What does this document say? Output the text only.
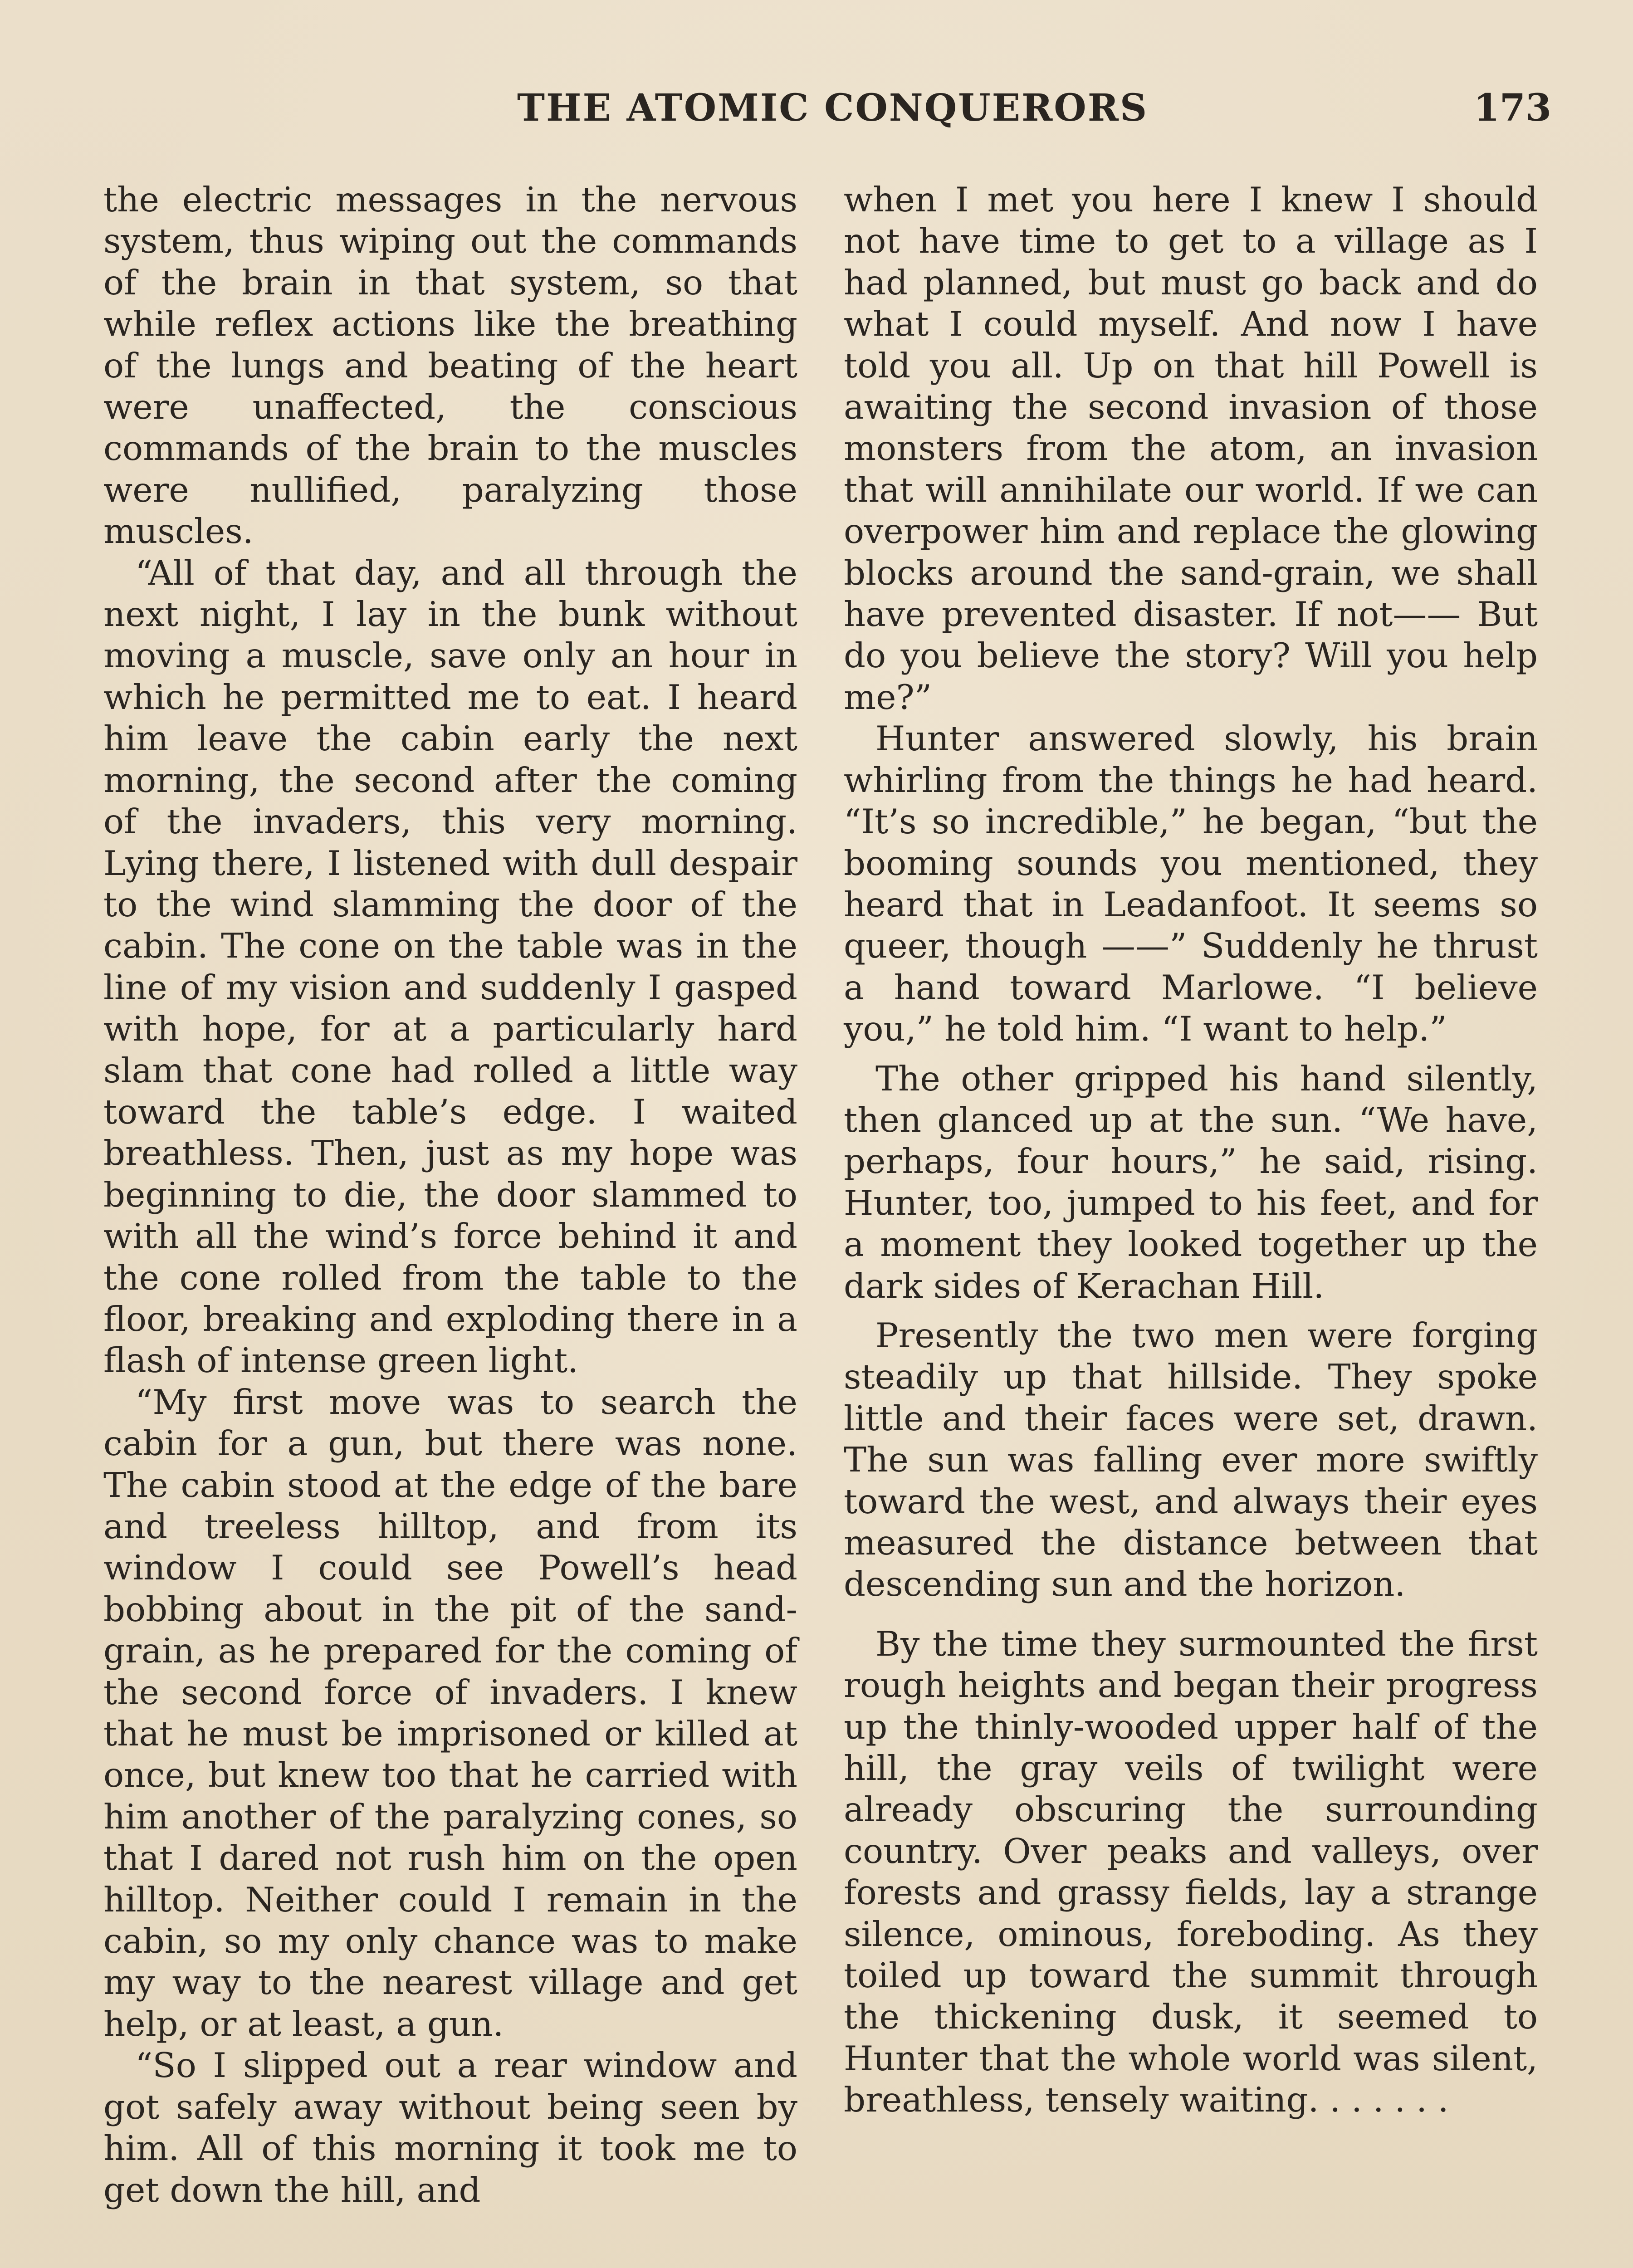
THE ATOMIC CONQUERORS	173

the electric messages in the nervous system, thus wiping out the commands of the brain in that system, so that while reflex actions like the breathing of the lungs and beating of the heart were unaffected, the conscious commands of the brain to the muscles were nullified, paralyzing those muscles.

“All of that day, and all through the next night, I lay in the bunk without moving a muscle, save only an hour in which he permitted me to eat. I heard him leave the cabin early the next morning, the second after the coming of the invaders, this very morning. Lying there, I listened with dull despair to the wind slamming the door of the cabin. The cone on the table was in the line of my vision and suddenly I gasped with hope, for at a particularly hard slam that cone had rolled a little way toward the table’s edge. I waited breathless. Then, just as my hope was beginning to die, the door slammed to with all the wind’s force behind it and the cone rolled from the table to the floor, breaking and exploding there in a flash of intense green light.

“My first move was to search the cabin for a gun, but there was none. The cabin stood at the edge of the bare and treeless hilltop, and from its window I could see Powell’s head bobbing about in the pit of the sandgrain, as he prepared for the coming of the second force of invaders. I knew that he must be imprisoned or killed at once, but knew too that he carried with him another of the paralyzing cones, so that I dared not rush him on the open hilltop. Neither could I remain in the cabin, so my only chance was to make my way to the nearest village and get help, or at least, a gun.

“So I slipped out a rear window and got safely away without being seen by him. All of this morning it took me to get down the hill, and

when I met you here I knew I should not have time to get to a village as I had planned, but must go back and do what I could myself. And now I have told you all. Up on that hill Powell is awaiting the second invasion of those monsters from the atom, an invasion that will annihilate our world. If we can overpower him and replace the glowing blocks around the sand-grain, we shall have prevented disaster. If not—— But do you believe the story? Will you help me?”

Hunter answered slowly, his brain whirling from the things he had heard. “It’s so incredible,” he began, “but the booming sounds you mentioned, they heard that in Leadanfoot. It seems so queer, though ——” Suddenly he thrust a hand toward Marlowe. “I believe you,” he told him. “I want to help.”

The other gripped his hand silently, then glanced up at the sun. “We have, perhaps, four hours,” he said, rising. Hunter, too, jumped to his feet, and for a moment they looked together up the dark sides of Kerachan Hill.

Presently the two men were forging steadily up that hillside. They spoke little and their faces were set, drawn. The sun was falling ever more swiftly toward the west, and always their eyes measured the distance between that descending sun and the horizon.

By the time they surmounted the first rough heights and began their progress up the thinly-wooded upper half of the hill, the gray veils of twilight were already obscuring the surrounding country. Over peaks and valleys, over forests and grassy fields, lay a strange silence, ominous, foreboding. As they toiled up toward the summit through the thickening dusk, it seemed to Hunter that the whole world was silent, breathless, tensely waiting. . . . . . .
